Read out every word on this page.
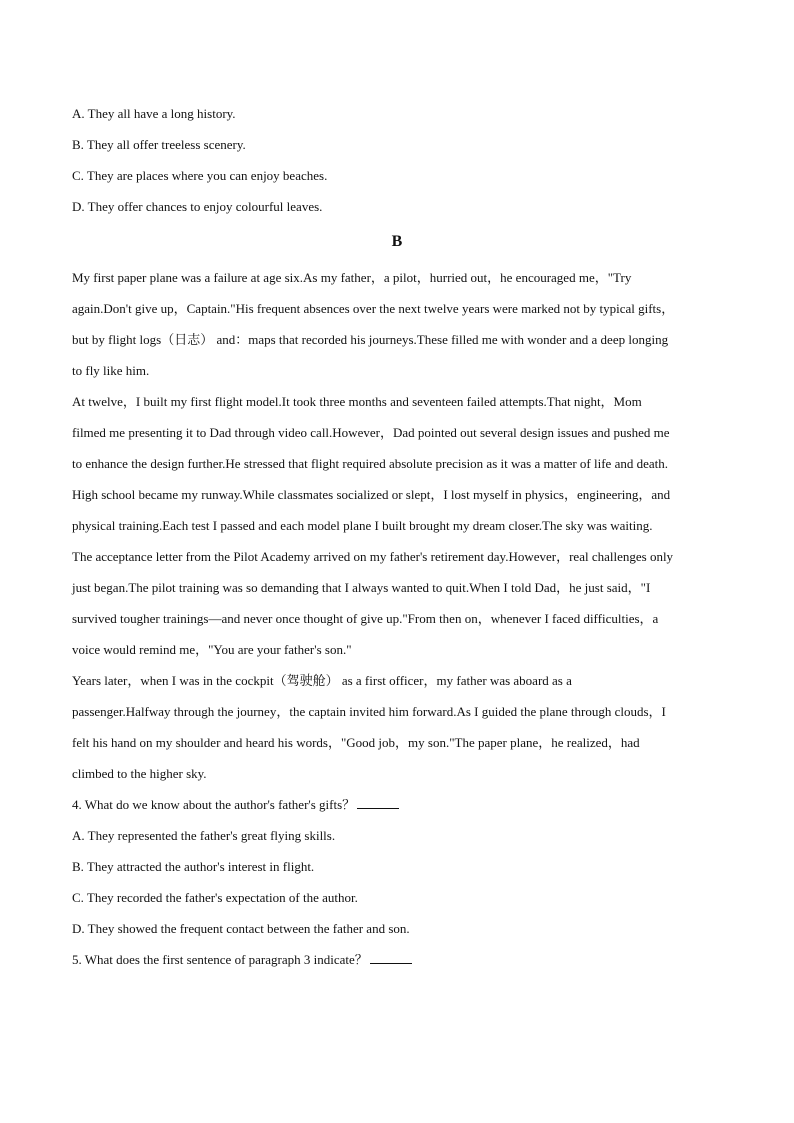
A. They all have a long history.

B. They all offer treeless scenery.

C. They are places where you can enjoy beaches.

D. They offer chances to enjoy colourful leaves.

B

My first paper plane was a failure at age six.As my father，a pilot，hurried out，he encouraged me，"Try

again.Don't give up，Captain."His frequent absences over the next twelve years were marked not by typical gifts，

but by flight logs（日志） and：maps that recorded his journeys.These filled me with wonder and a deep longing

to fly like him.

At twelve，I built my first flight model.It took three months and seventeen failed attempts.That night，Mom

filmed me presenting it to Dad through video call.However，Dad pointed out several design issues and pushed me

to enhance the design further.He stressed that flight required absolute precision as it was a matter of life and death.

High school became my runway.While classmates socialized or slept，I lost myself in physics，engineering，and

physical training.Each test I passed and each model plane I built brought my dream closer.The sky was waiting.

The acceptance letter from the Pilot Academy arrived on my father's retirement day.However，real challenges only

just began.The pilot training was so demanding that I always wanted to quit.When I told Dad，he just said，"I

survived tougher trainings—and never once thought of give up."From then on，whenever I faced difficulties，a

voice would remind me，"You are your father's son."

Years later，when I was in the cockpit（驾驶舱） as a first officer，my father was aboard as a

passenger.Halfway through the journey，the captain invited him forward.As I guided the plane through clouds，I

felt his hand on my shoulder and heard his words，"Good job，my son."The paper plane，he realized，had

climbed to the higher sky.

4. What do we know about the author's father's gifts？

A. They represented the father's great flying skills.

B. They attracted the author's interest in flight.

C. They recorded the father's expectation of the author.

D. They showed the frequent contact between the father and son.

5. What does the first sentence of paragraph 3 indicate？
